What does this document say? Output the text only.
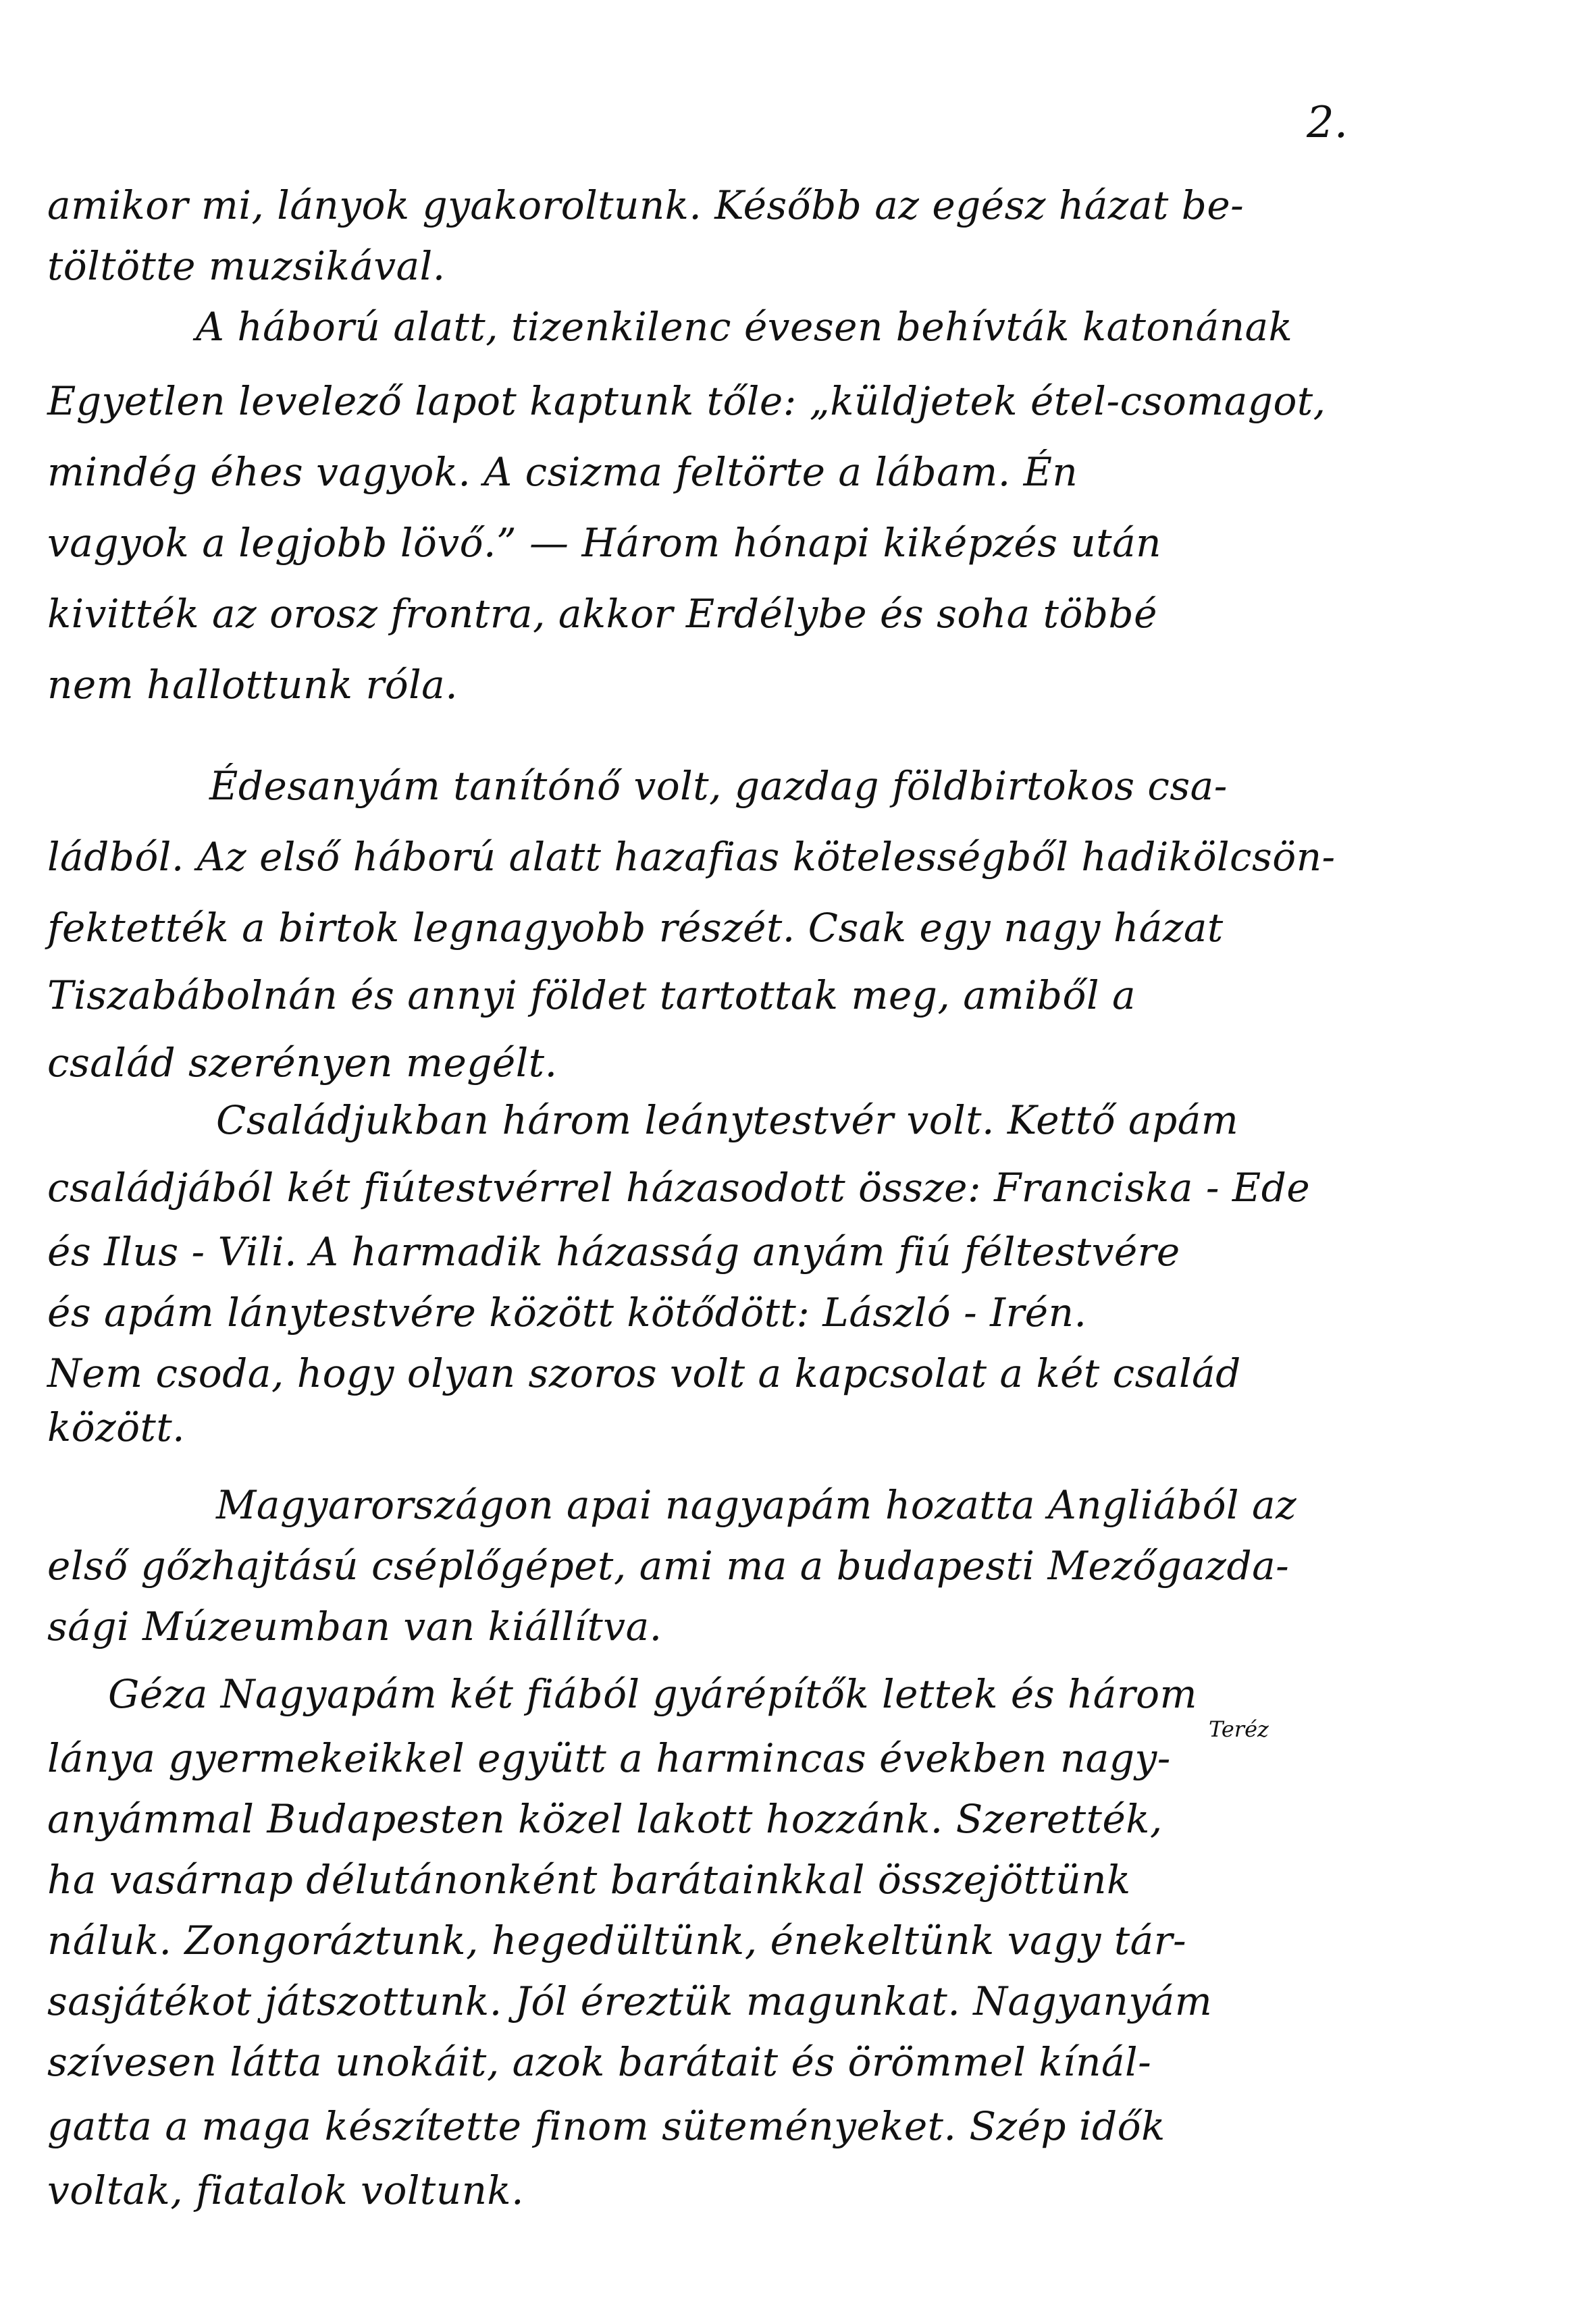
2.
amikor mi, lányok gyakoroltunk. Később az egész házat be-
töltötte muzsikával.
A háború alatt, tizenkilenc évesen behívták katonának
Egyetlen levelező lapot kaptunk tőle: „küldjetek étel-csomagot,
mindég éhes vagyok. A csizma feltörte a lábam. Én
vagyok a legjobb lövő.” — Három hónapi kiképzés után
kivitték az orosz frontra, akkor Erdélybe és soha többé
nem hallottunk róla.
Édesanyám tanítónő volt, gazdag földbirtokos csa-
ládból. Az első háború alatt hazafias kötelességből hadikölcsön-
fektették a birtok legnagyobb részét. Csak egy nagy házat
Tiszabábolnán és annyi földet tartottak meg, amiből a
család szerényen megélt.
Családjukban három leánytestvér volt. Kettő apám
családjából két fiútestvérrel házasodott össze: Franciska - Ede
és Ilus - Vili. A harmadik házasság anyám fiú féltestvére
és apám lánytestvére között kötődött: László - Irén.
Nem csoda, hogy olyan szoros volt a kapcsolat a két család
között.
Magyarországon apai nagyapám hozatta Angliából az
első gőzhajtású cséplőgépet, ami ma a budapesti Mezőgazda-
sági Múzeumban van kiállítva.
Géza Nagyapám két fiából gyárépítők lettek és három
Teréz
lánya gyermekeikkel együtt a harmincas években nagy-
anyámmal Budapesten közel lakott hozzánk. Szerették,
ha vasárnap délutánonként barátainkkal összejöttünk
náluk. Zongoráztunk, hegedültünk, énekeltünk vagy tár-
sasjátékot játszottunk. Jól éreztük magunkat. Nagyanyám
szívesen látta unokáit, azok barátait és örömmel kínál-
gatta a maga készítette finom süteményeket. Szép idők
voltak, fiatalok voltunk.
